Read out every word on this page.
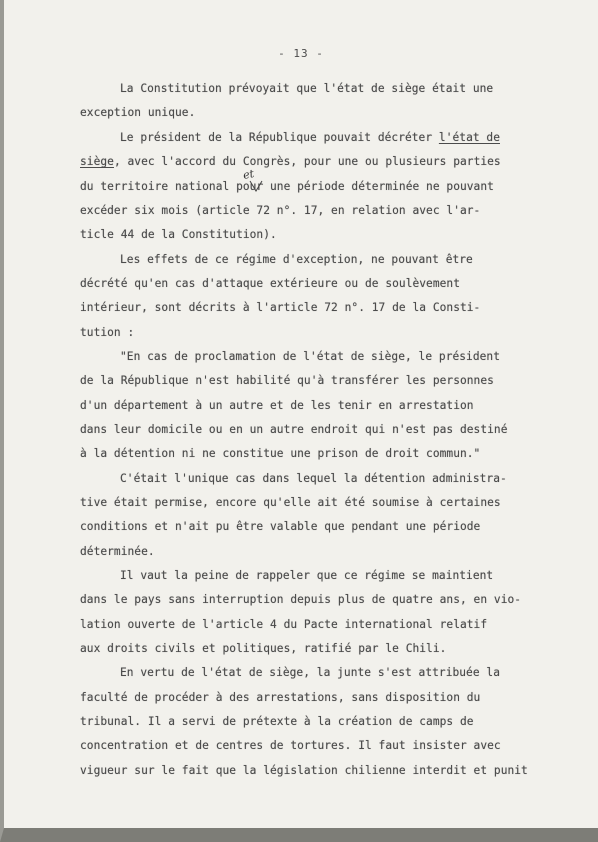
- 13 -
et
La Constitution prévoyait que l'état de siège était une
exception unique.
Le président de la République pouvait décréter l'état de
siège, avec l'accord du Congrès, pour une ou plusieurs parties
du territoire national pour une période déterminée ne pouvant
excéder six mois (article 72 n°. 17, en relation avec l'ar-
ticle 44 de la Constitution).
Les effets de ce régime d'exception, ne pouvant être
décrété qu'en cas d'attaque extérieure ou de soulèvement
intérieur, sont décrits à l'article 72 n°. 17 de la Consti-
tution :
"En cas de proclamation de l'état de siège, le président
de la République n'est habilité qu'à transférer les personnes
d'un département à un autre et de les tenir en arrestation
dans leur domicile ou en un autre endroit qui n'est pas destiné
à la détention ni ne constitue une prison de droit commun."
C'était l'unique cas dans lequel la détention administra-
tive était permise, encore qu'elle ait été soumise à certaines
conditions et n'ait pu être valable que pendant une période
déterminée.
Il vaut la peine de rappeler que ce régime se maintient
dans le pays sans interruption depuis plus de quatre ans, en vio-
lation ouverte de l'article 4 du Pacte international relatif
aux droits civils et politiques, ratifié par le Chili.
En vertu de l'état de siège, la junte s'est attribuée la
faculté de procéder à des arrestations, sans disposition du
tribunal. Il a servi de prétexte à la création de camps de
concentration et de centres de tortures. Il faut insister avec
vigueur sur le fait que la législation chilienne interdit et punit
